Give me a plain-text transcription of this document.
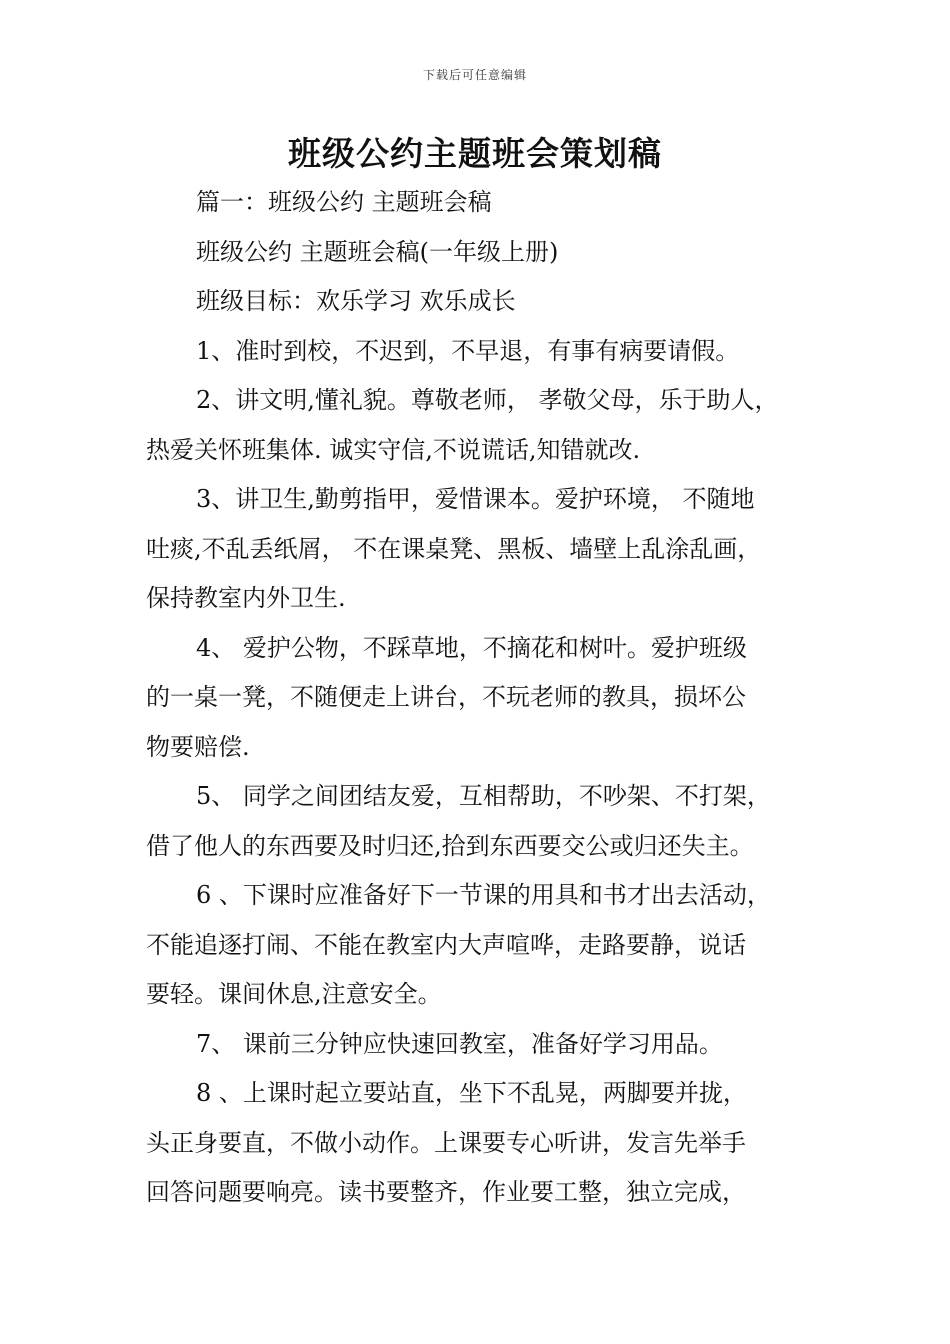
下载后可任意编辑
班级公约主题班会策划稿
篇一：班级公约 主题班会稿
班级公约 主题班会稿(一年级上册)
班级目标：欢乐学习 欢乐成长
1、准时到校，不迟到，不早退，有事有病要请假。
2、讲文明,懂礼貌。尊敬老师， 孝敬父母，乐于助人，
热爱关怀班集体. 诚实守信,不说谎话,知错就改.
3、讲卫生,勤剪指甲，爱惜课本。爱护环境， 不随地
吐痰,不乱丢纸屑， 不在课桌凳、黑板、墙壁上乱涂乱画，
保持教室内外卫生.
4、 爱护公物，不踩草地，不摘花和树叶。爱护班级
的一桌一凳，不随便走上讲台，不玩老师的教具，损坏公
物要赔偿.
5、 同学之间团结友爱，互相帮助，不吵架、不打架，
借了他人的东西要及时归还,拾到东西要交公或归还失主。
6 、下课时应准备好下一节课的用具和书才出去活动，
不能追逐打闹、不能在教室内大声喧哗，走路要静，说话
要轻。课间休息,注意安全。
7、 课前三分钟应快速回教室，准备好学习用品。
8 、上课时起立要站直，坐下不乱晃，两脚要并拢，
头正身要直，不做小动作。上课要专心听讲，发言先举手
回答问题要响亮。读书要整齐，作业要工整，独立完成，
